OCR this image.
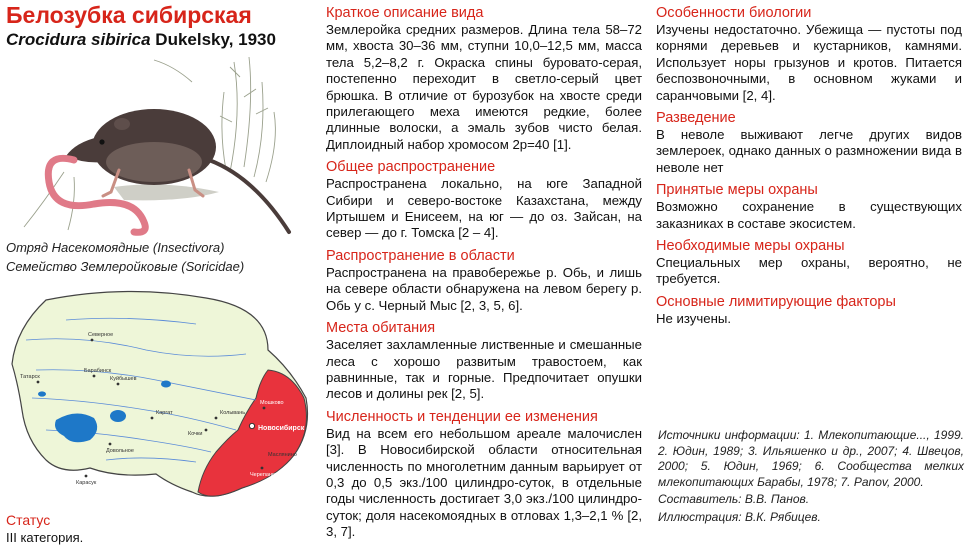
Белозубка сибирская
Crocidura sibirica Dukelsky, 1930
Отряд Насекомоядные (Insectivora)
Семейство Землеройковые (Soricidae)
Северное
Татарск
Барабинск
Куйбышев
Каргат	Колывань
Кочки
Довольное
Карасук
Маслянино
Новосибирск
Мошково
Черепаново
Статус
III категория.
Краткое описание вида

Землеройка средних размеров. Длина тела 58–72 мм, хвоста 30–36 мм, ступни 10,0–12,5 мм, масса тела 5,2–8,2 г. Окраска спины буровато-серая, постепенно переходит в светло-серый цвет брюшка. В отличие от бурозубок на хвосте среди прилегающего меха имеются редкие, более длинные волоски, а эмаль зубов чисто белая. Диплоидный набор хромосом 2р=40 [1].

Общее распространение

Распространена локально, на юге Западной Сибири и северо-востоке Казахстана, между Иртышем и Енисеем, на юг — до оз. Зайсан, на север — до г. Томска [2 – 4].

Распространение в области

Распространена на правобережье р. Обь, и лишь на севере области обнаружена на левом берегу р. Обь у с. Черный Мыс [2, 3, 5, 6].

Места обитания

Заселяет захламленные лиственные и смешанные леса с хорошо развитым травостоем, как равнинные, так и горные. Предпочитает опушки лесов и долины рек [2, 5].

Численность и тенденции ее изменения

Вид на всем его небольшом ареале малочислен [3]. В Новосибирской области относительная численность по многолетним данным варьирует от 0,3 до 0,5 экз./100 цилиндро-суток, в отдельные годы численность достигает 3,0 экз./100 цилиндро-суток; доля насекомоядных в отловах 1,3–2,1 % [2, 3, 7].

Особенности биологии

Изучены недостаточно. Убежища — пустоты под корнями деревьев и кустарников, камнями. Использует норы грызунов и кротов. Питается беспозвоночными, в основном жуками и саранчовыми [2, 4].

Разведение

В неволе выживают легче других видов землероек, однако данных о размножении вида в неволе нет

Принятые меры охраны

Возможно сохранение в существующих заказниках в составе экосистем.

Необходимые меры охраны

Специальных мер охраны, вероятно, не требуется.

Основные лимитирующие факторы

Не изучены.

Источники информации: 1. Млекопитающие..., 1999. 2. Юдин, 1989; 3. Ильяшенко и др., 2007; 4. Швецов, 2000; 5. Юдин, 1969; 6. Сообщества мелких млекопитающих Барабы, 1978; 7. Panov, 2000.

Составитель: В.В. Панов.

Иллюстрация: В.К. Рябицев.
